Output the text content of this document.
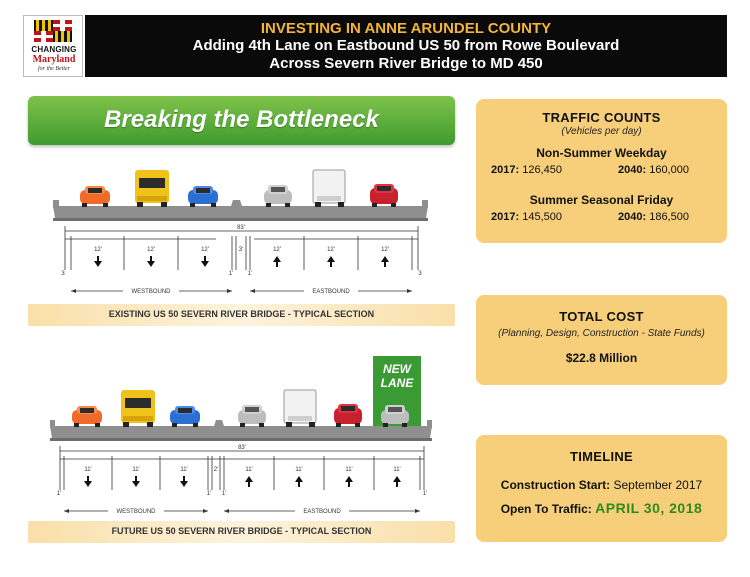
CHANGING
Maryland
for the Better
INVESTING IN ANNE ARUNDEL COUNTY
Adding 4th Lane on Eastbound US 50 from Rowe Boulevard
Across Severn River Bridge to MD 450
Breaking the Bottleneck
83'
12'	12'	12'	3'	12'	12'	12'
3	1' 1'	3
WESTBOUND	EASTBOUND
EXISTING US 50 SEVERN RIVER BRIDGE - TYPICAL SECTION
NEW
LANE
83'
11'	11'	11'	2'	11'	11'	11'	11'
1'	1' 1'	1'
WESTBOUND	EASTBOUND
FUTURE US 50 SEVERN RIVER BRIDGE - TYPICAL SECTION
TRAFFIC COUNTS
(Vehicles per day)
Non-Summer Weekday
2017: 126,450	2040: 160,000
Summer Seasonal Friday
2017: 145,500	2040: 186,500
TOTAL COST
(Planning, Design, Construction - State Funds)
$22.8 Million
TIMELINE
Construction Start: September 2017
Open To Traffic: APRIL 30, 2018
